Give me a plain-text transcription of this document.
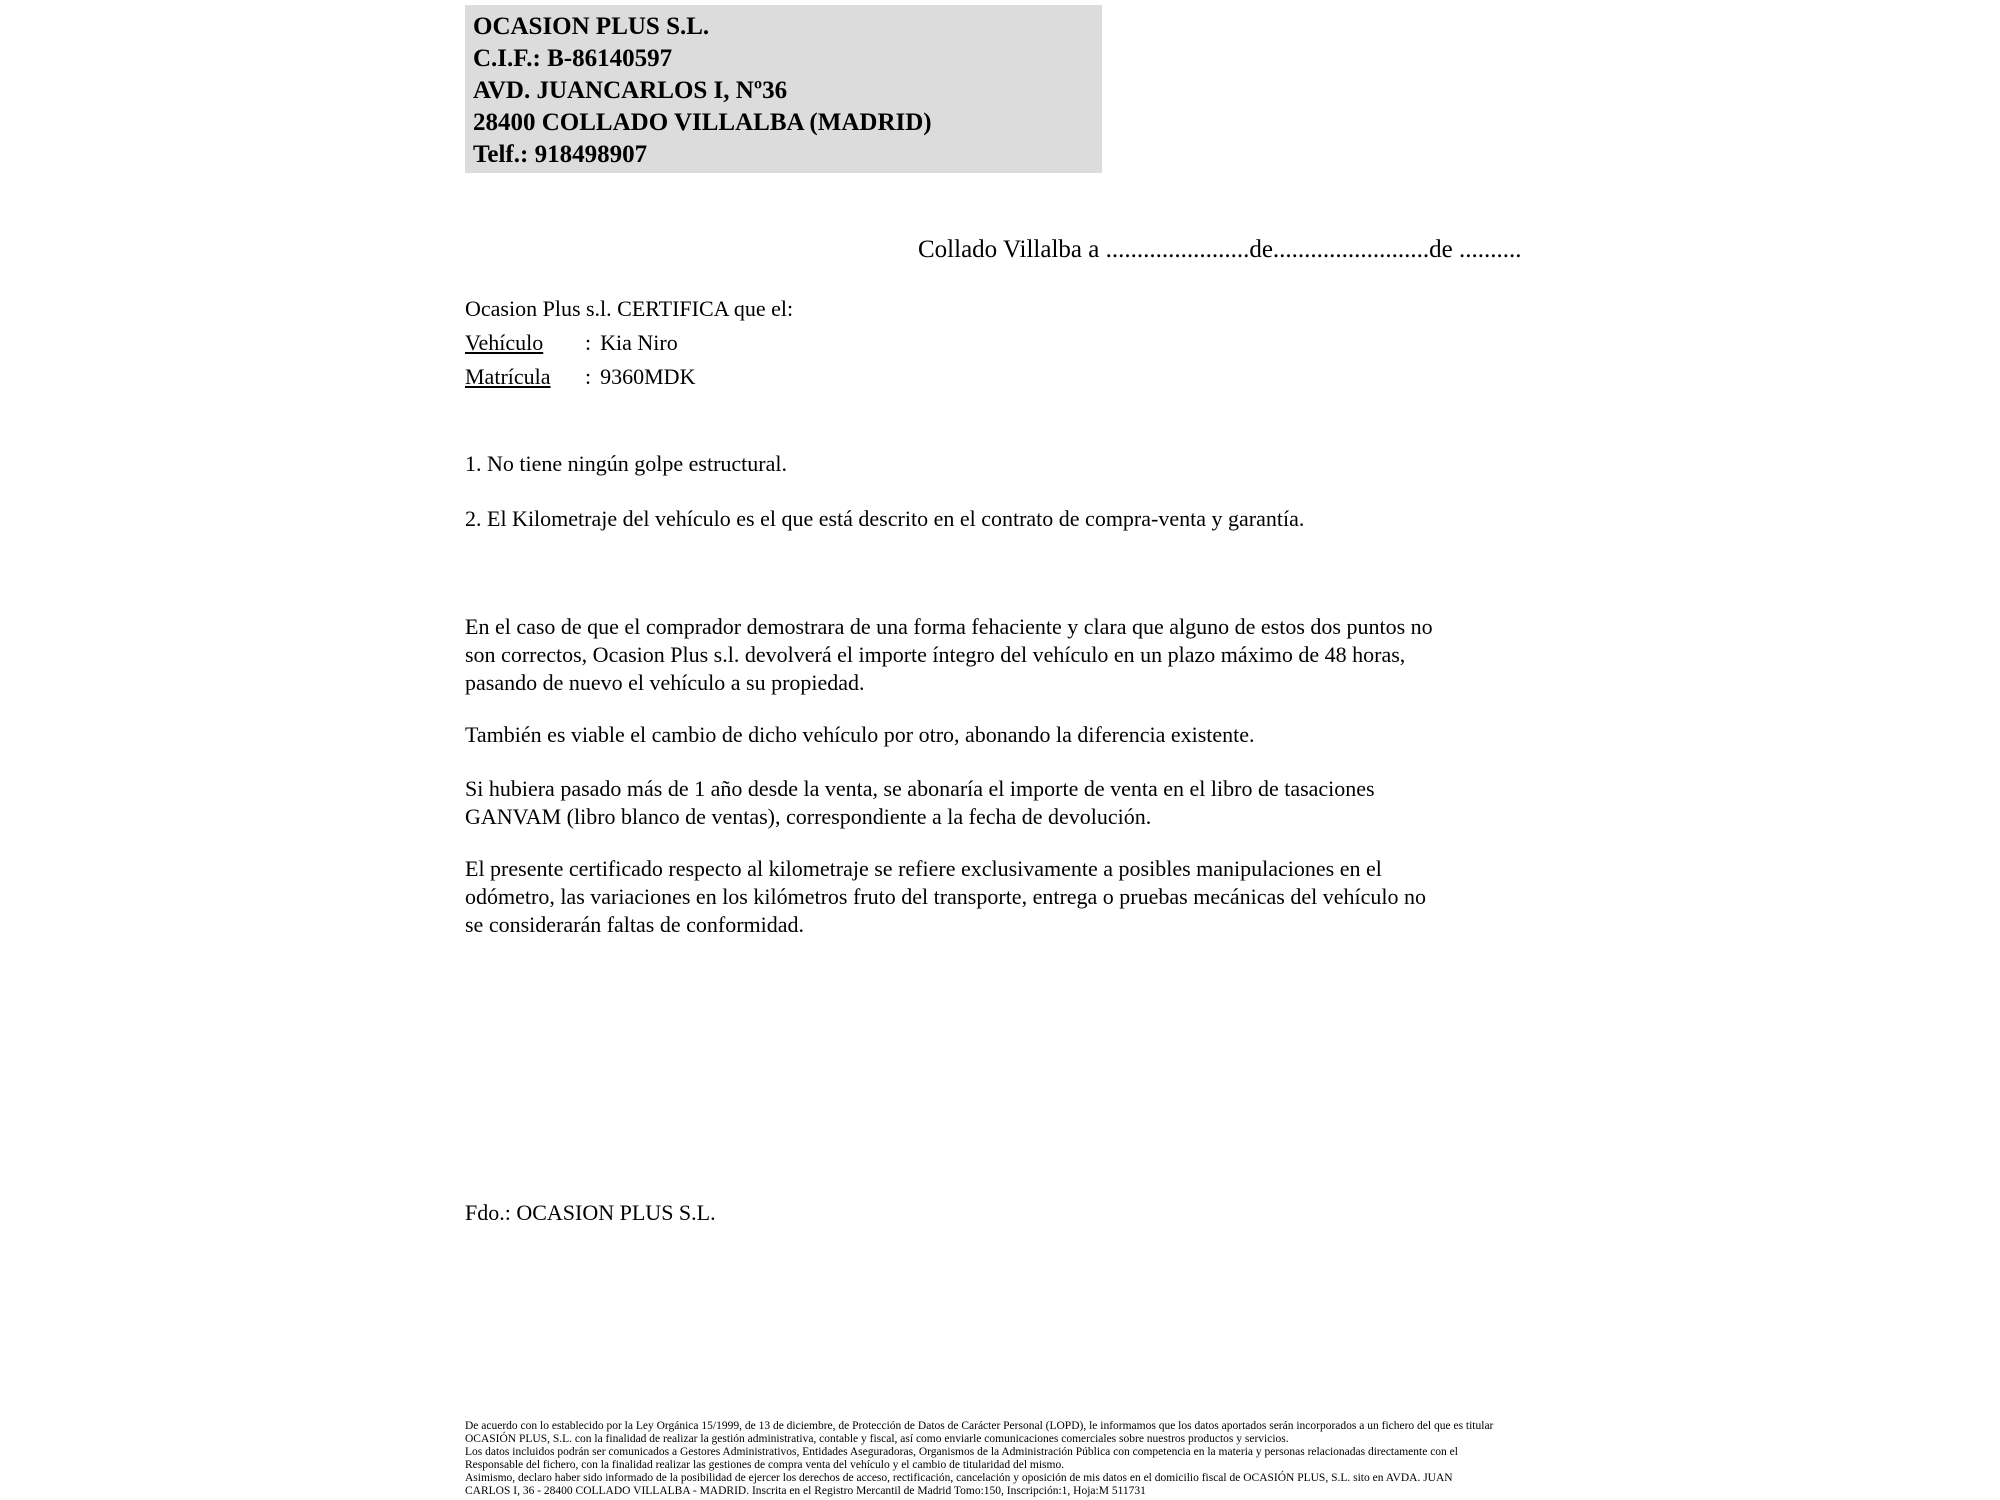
OCASION PLUS S.L.
C.I.F.: B-86140597
AVD. JUANCARLOS I, Nº36
28400 COLLADO VILLALBA (MADRID)
Telf.: 918498907
Collado Villalba a .......................de.........................de ..........
Ocasion Plus s.l. CERTIFICA que el:
Vehículo : Kia Niro
Matrícula : 9360MDK
1. No tiene ningún golpe estructural.
2. El Kilometraje del vehículo es el que está descrito en el contrato de compra-venta y garantía.
En el caso de que el comprador demostrara de una forma fehaciente y clara que alguno de estos dos puntos no
son correctos, Ocasion Plus s.l. devolverá el importe íntegro del vehículo en un plazo máximo de 48 horas,
pasando de nuevo el vehículo a su propiedad.
También es viable el cambio de dicho vehículo por otro, abonando la diferencia existente.
Si hubiera pasado más de 1 año desde la venta, se abonaría el importe de venta en el libro de tasaciones
GANVAM (libro blanco de ventas), correspondiente a la fecha de devolución.
El presente certificado respecto al kilometraje se refiere exclusivamente a posibles manipulaciones en el
odómetro, las variaciones en los kilómetros fruto del transporte, entrega o pruebas mecánicas del vehículo no
se considerarán faltas de conformidad.
Fdo.: OCASION PLUS S.L.
De acuerdo con lo establecido por la Ley Orgánica 15/1999, de 13 de diciembre, de Protección de Datos de Carácter Personal (LOPD), le informamos que los datos aportados serán incorporados a un fichero del que es titular
OCASIÓN PLUS, S.L. con la finalidad de realizar la gestión administrativa, contable y fiscal, así como enviarle comunicaciones comerciales sobre nuestros productos y servicios.
Los datos incluidos podrán ser comunicados a Gestores Administrativos, Entidades Aseguradoras, Organismos de la Administración Pública con competencia en la materia y personas relacionadas directamente con el
Responsable del fichero, con la finalidad realizar las gestiones de compra venta del vehículo y el cambio de titularidad del mismo.
Asimismo, declaro haber sido informado de la posibilidad de ejercer los derechos de acceso, rectificación, cancelación y oposición de mis datos en el domicilio fiscal de OCASIÓN PLUS, S.L. sito en AVDA. JUAN
CARLOS I, 36 - 28400 COLLADO VILLALBA - MADRID. Inscrita en el Registro Mercantil de Madrid Tomo:150, Inscripción:1, Hoja:M 511731
